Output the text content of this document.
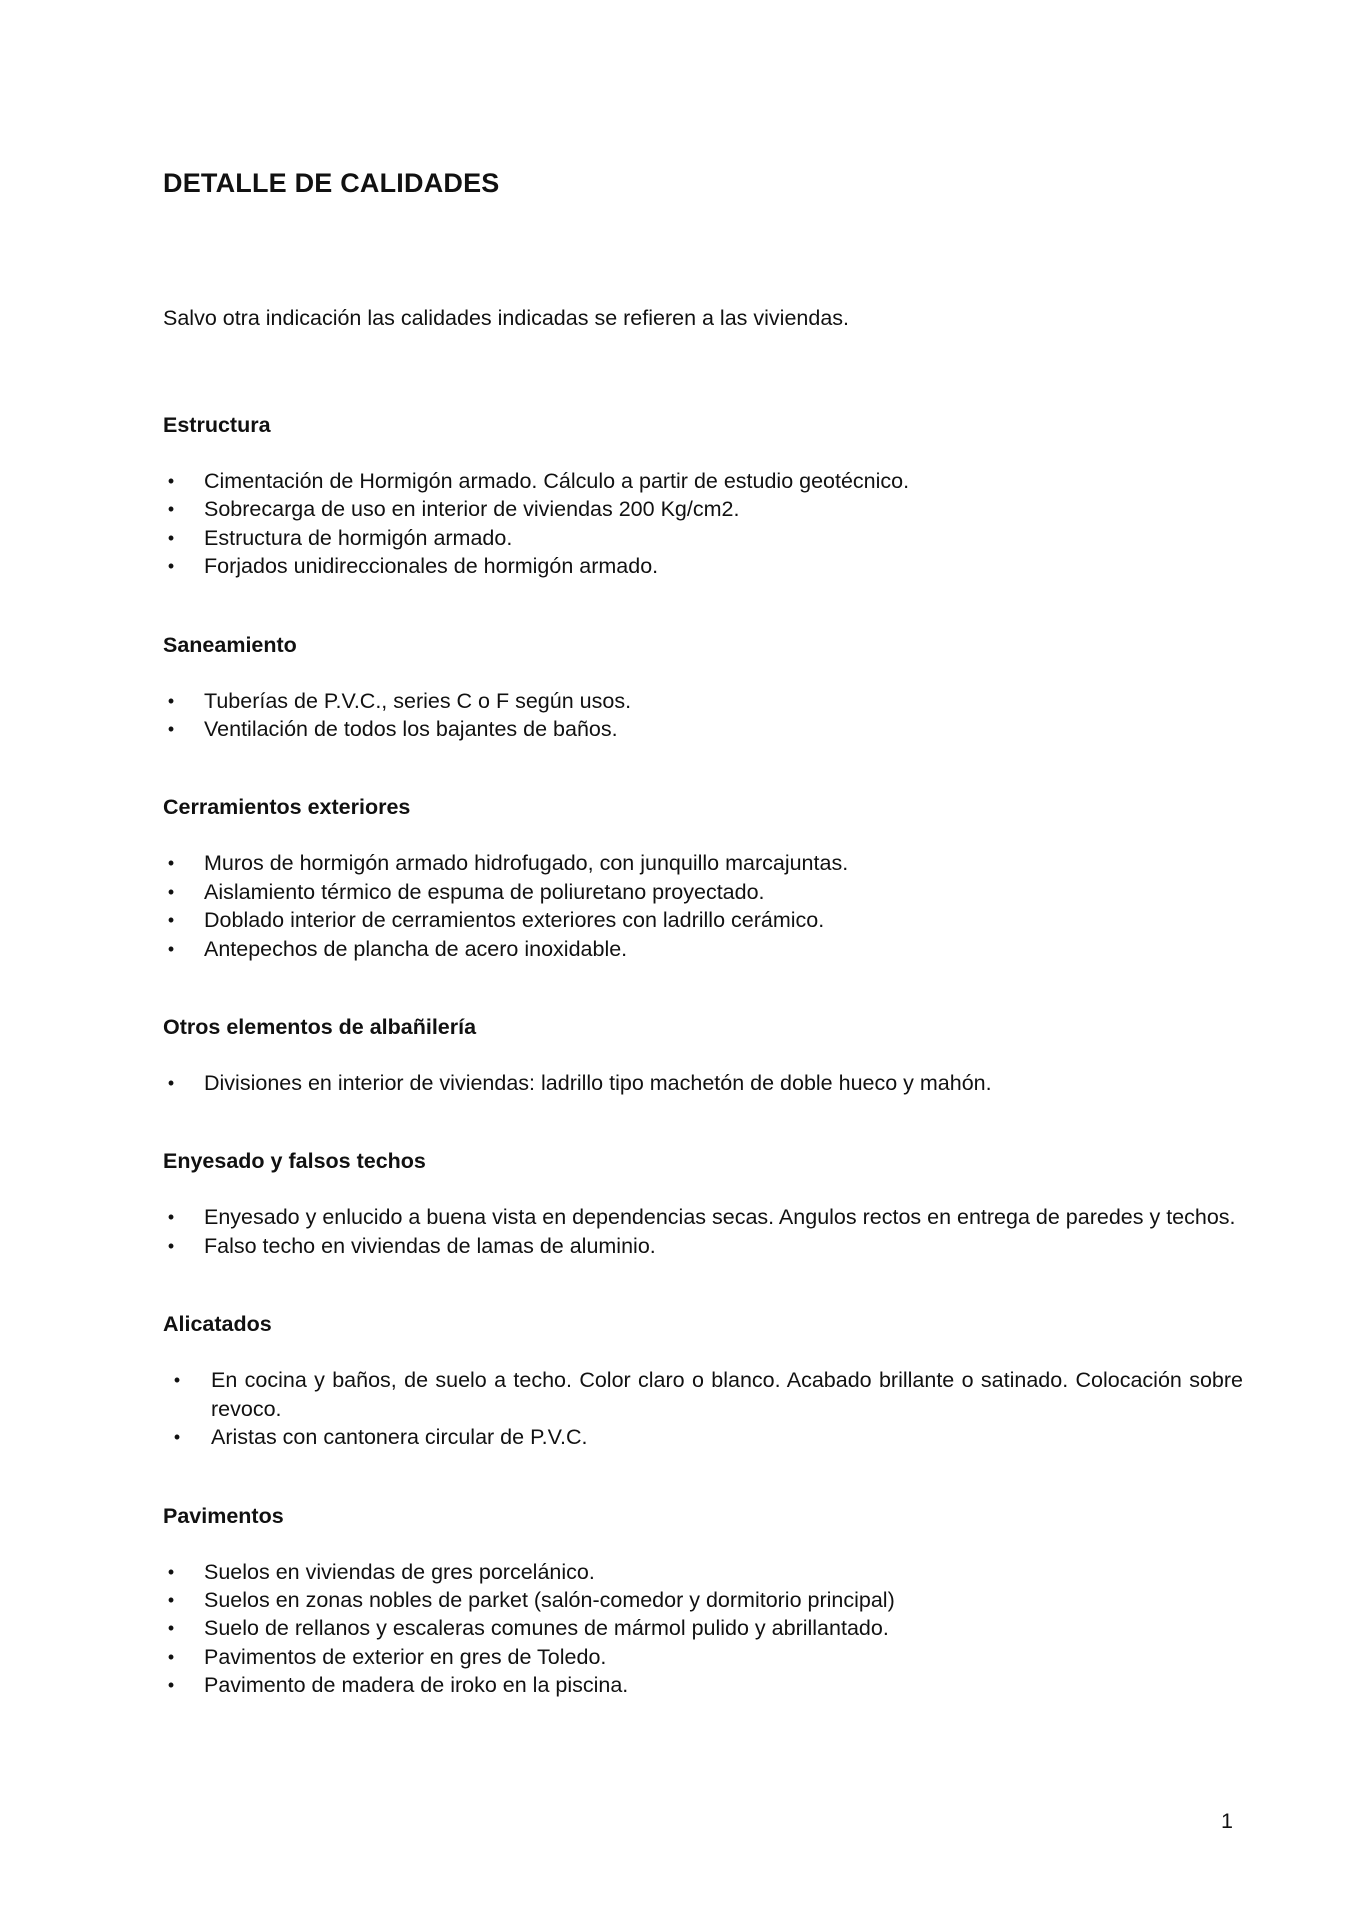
DETALLE DE CALIDADES

Salvo otra indicación las calidades indicadas se refieren a las viviendas.

Estructura
• Cimentación de Hormigón armado. Cálculo a partir de estudio geotécnico.
• Sobrecarga de uso en interior de viviendas 200 Kg/cm2.
• Estructura de hormigón armado.
• Forjados unidireccionales de hormigón armado.
Saneamiento
• Tuberías de P.V.C., series C o F según usos.
• Ventilación de todos los bajantes de baños.
Cerramientos exteriores
• Muros de hormigón armado hidrofugado, con junquillo marcajuntas.
• Aislamiento térmico de espuma de poliuretano proyectado.
• Doblado interior de cerramientos exteriores con ladrillo cerámico.
• Antepechos de plancha de acero inoxidable.
Otros elementos de albañilería
• Divisiones en interior de viviendas: ladrillo tipo machetón de doble hueco y mahón.
Enyesado y falsos techos
• Enyesado y enlucido a buena vista en dependencias secas. Angulos rectos en entrega de paredes y techos.
• Falso techo en viviendas de lamas de aluminio.
Alicatados
• En cocina y baños, de suelo a techo. Color claro o blanco. Acabado brillante o satinado. Colocación sobre revoco.
• Aristas con cantonera circular de P.V.C.
Pavimentos
• Suelos en viviendas de gres porcelánico.
• Suelos en zonas nobles de parket (salón-comedor y dormitorio principal)
• Suelo de rellanos y escaleras comunes de mármol pulido y abrillantado.
• Pavimentos de exterior en gres de Toledo.
• Pavimento de madera de iroko en la piscina.
1
